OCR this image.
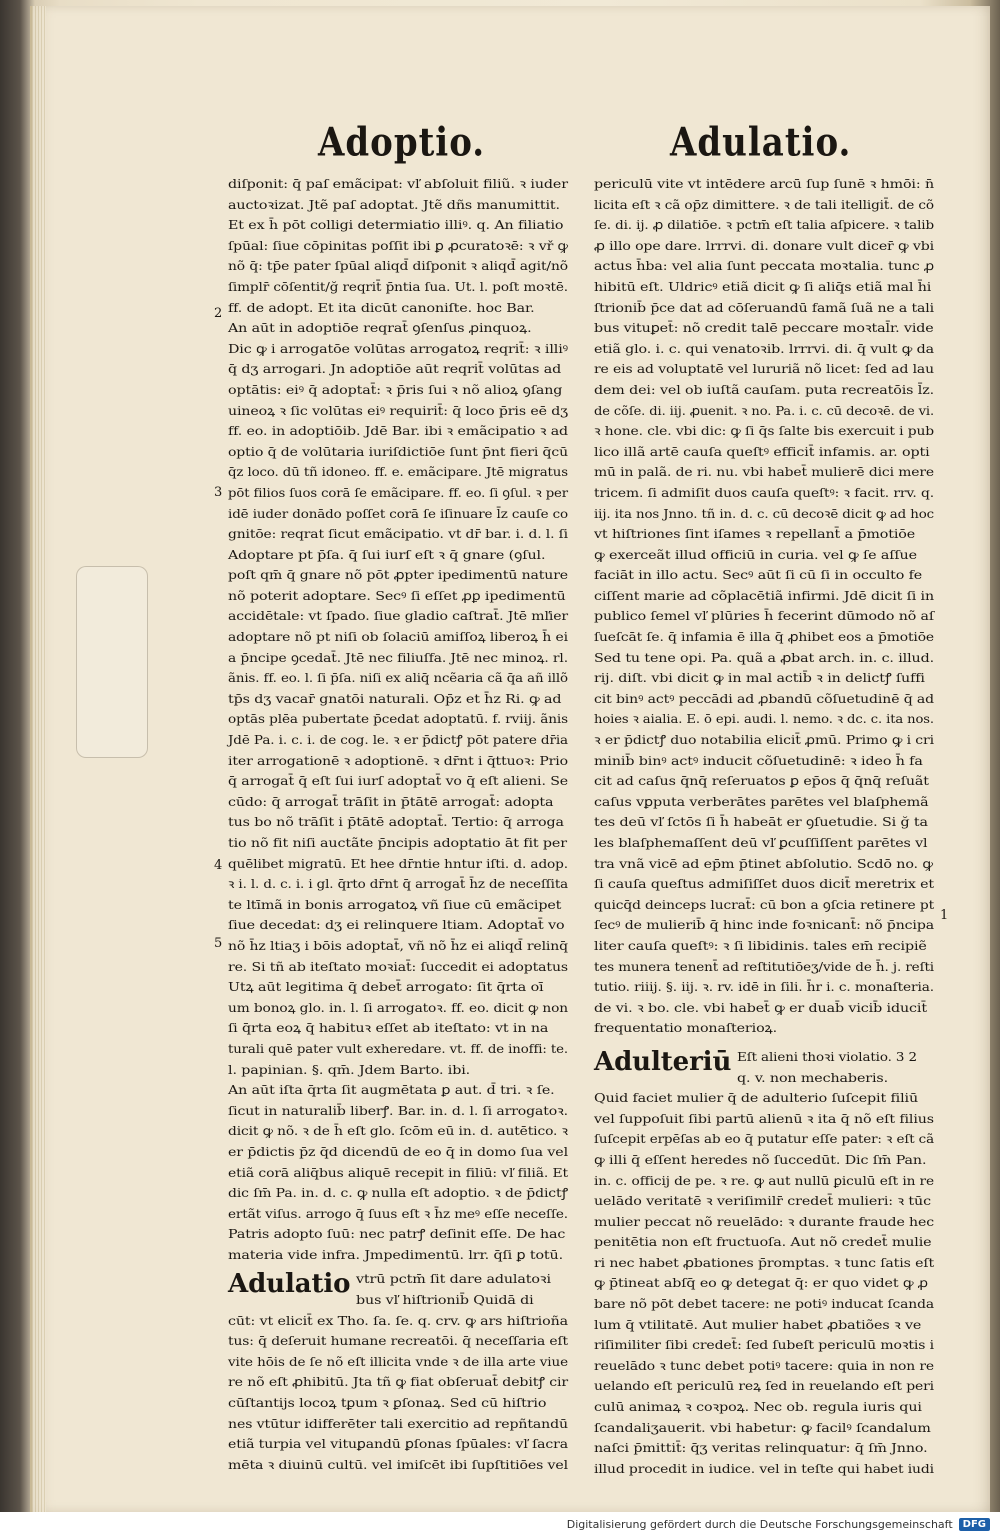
Adoptio.
diſponit: q̄ paſ emãcipat: vľ abſoluit filiũ. ꝛ iuder
auctoꝛizat. Jtẽ paſ adoptat. Jtẽ dñs manumittit.
Et ex h̄ pōt colligi determiatio illiꝰ. q. An filiatio
ſpūal: ſiue cōpinitas poſſit ibi ꝑ ꝓcuratoꝛē: ꝛ vř ꝙ
nõ q̄: tp̄e pater ſpūal aliqd̄ diſponit ꝛ aliqd̄ agit/nõ
ſimplr̄ cōſentit/ğ reqrit̄ p̄ntia ſua. Ut. l. poſt moꝛtē.
ff. de adopt. Et ita dicūt canoniſte. hoc Bar.
An aūt in adoptiōe reqrat̄ ꝯſenſus ꝓinquoꝝ.
Dic ꝙ i arrogatōe volūtas arrogatoꝝ reqrit̄: ꝛ illiꝰ
q̄ dʒ arrogari. Jn adoptiōe aūt reqrit̄ volūtas ad
optātis: eiꝰ q̄ adoptat̄: ꝛ p̄ris ſui ꝛ nõ alioꝝ ꝯſang
uineoꝝ ꝛ ſic volūtas eiꝰ requirit̄: q̄ loco p̄ris eē dʒ
ff. eo. in adoptiōib. Jdē Bar. ibi ꝛ emãcipatio ꝛ ad
optio q̄ de volūtaria iuriſdictiōe ſunt p̄nt fieri q̄cū
q̄z loco. dū tñ idoneo. ff. e. emãcipare. Jtē migratus
pōt filios ſuos corā ſe emãcipare. ff. eo. ſi ꝯſul. ꝛ per
idē iuder donādo poſſet corā ſe iſinuare l̄z cauſe co
gnitōe: reqrat ſicut emãcipatio. vt dr̄ bar. i. d. l. ſi
Adoptare pt p̄ſa. q̄ ſui iurſ eſt ꝛ q̄ gnare (ꝯſul.
poſt qm̄ q̄ gnare nõ pōt ꝓpter ipedimentū nature
nõ poterit adoptare. Secꝰ ſi eſſet ꝓꝑ ipedimentū
accidētale: vt ſpado. ſiue gladio caſtrat̄. Jtē mľier
adoptare nõ pt niſi ob ſolaciū amiſſoꝝ liberoꝝ h̄ ei
a p̄ncipe ꝯcedat̄. Jtē nec filiuſfa. Jtē nec minoꝝ. rl.
ãnis. ff. eo. l. ſi p̄ſa. niſi ex aliq̄ ncẽaria cã q̄a añ illõ
tp̄s dʒ vacar̄ gnatōi naturali. Op̄z et h̄z Ri. ꝙ ad
optās plēa pubertate p̄cedat adoptatū. f. rviij. ãnis
Jdē Pa. i. c. i. de cog. le. ꝛ er p̄dictꝭ pōt patere dr̄ia
iter arrogationē ꝛ adoptionē. ꝛ dr̄nt i q̄ttuoꝛ: Prio
q̄ arrogat̄ q̄ eſt ſui iurſ adoptat̄ vo q̄ eſt alieni. Se
cūdo: q̄ arrogat̄ trāſit in p̄tātē arrogat̄: adopta
tus bo nõ trāſit i p̄tātē adoptat̄. Tertio: q̄ arroga
tio nõ fit niſi auctãte p̄ncipis adoptatio āt fit per
quēlibet migratū. Et hee dr̄ntie hntur iſti. d. adop.
ꝛ i. l. d. c. i. i gl. q̄rto dr̄nt q̄ arrogat̄ h̄z de neceſſita
te ltīmã in bonis arrogatoꝝ vñ ſiue cū emãcipet
ſiue decedat: dʒ ei relinquere ltiam. Adoptat̄ vo
nõ h̄z ltiaʒ i bōis adoptat̄, vñ nõ h̄z ei aliqd̄ relinq̄
re. Si tñ ab iteſtato moꝛiat̄: ſuccedit ei adoptatus
Utꝝ aūt legitima q̄ debet̄ arrogato: ſit q̄rta oī
um bonoꝝ glo. in. l. ſi arrogatoꝛ. ff. eo. dicit ꝙ non
ſi q̄rta eoꝝ q̄ habituꝛ eſſet ab iteſtato: vt in na
turali quē pater vult exheredare. vt. ff. de inoffi: te.
l. papinian. §. qm̄. Jdem Barto. ibi.
An aūt iſta q̄rta ſit augmētata ꝑ aut. d̄ tri. ꝛ ſe.
ſicut in naturalib̄ liberꝭ. Bar. in. d. l. ſi arrogatoꝛ.
dicit ꝙ nõ. ꝛ de h̄ eſt glo. ſcōm eū in. d. autētico. ꝛ
er p̄dictis p̄z q̄d dicendū de eo q̄ in domo ſua vel
etiã corā aliq̄bus aliquē recepit in filiū: vľ filiã. Et
dic ſm̄ Pa. in. d. c. ꝙ nulla eſt adoptio. ꝛ de p̄dictꝭ
ertãt viſus. arrogo q̄ ſuus eſt ꝛ h̄z meꝰ eſſe neceſſe.
Patris adopto ſuū: nec patrꝭ deſinit eſſe. De hac
materia vide infra. Jmpedimentū. lrr. q̄ſi ꝑ totū.
Adulatio vtrū pctm̄ ſit dare adulatoꝛi
bus vľ hiſtrionib̄ Quidā di
cūt: vt elicit̄ ex Tho. ſa. ſe. q. crv. ꝙ ars hiſtrioña
tus: q̄ deſeruit humane recreatōi. q̄ neceſſaria eſt
vite hōis de ſe nõ eſt illicita vnde ꝛ de illa arte viue
re nõ eſt ꝓhibitū. Jta tñ ꝙ fiat obſeruat̄ debitꝭ cir
cūſtantijs locoꝝ tꝑum ꝛ ꝑſonaꝝ. Sed cū hiſtrio
nes vtūtur idifferēter tali exercitio ad repñtandū
etiã turpia vel vituꝑandū ꝑſonas ſpūales: vľ ſacra
mēta ꝛ diuinū cultū. vel imiſcēt ibi ſupſtitiōes vel
Adulatio.
periculū vite vt intēdere arcū ſup ſunē ꝛ hmōi: n̄
licita eſt ꝛ cã op̄z dimittere. ꝛ de tali itelligit̄. de cõ
ſe. di. ij. ꝓ dilatiōe. ꝛ pctm̄ eſt talia aſpicere. ꝛ talib
ꝓ illo ope dare. lrrrvi. di. donare vult dicer̄ ꝙ vbi
actus h̄ba: vel alia ſunt peccata moꝛtalia. tunc ꝓ
hibitū eſt. Uldricꝰ etiã dicit ꝙ ſi aliq̄s etiã mal h̄i
ſtrionib̄ p̄ce dat ad cōſeruandū famã ſuã ne a tali
bus vituꝑet̄: nõ credit talē peccare moꝛtal̄r. vide
etiã glo. i. c. qui venatoꝛib. lrrrvi. di. q̄ vult ꝙ da
re eis ad voluptatē vel lururiã nõ licet: ſed ad lau
dem dei: vel ob iuſtã cauſam. puta recreatōis l̄z.
de cõſe. di. iij. ꝓuenit. ꝛ no. Pa. i. c. cū decoꝛē. de vi.
ꝛ hone. cle. vbi dic: ꝙ ſi q̄s ſalte bis exercuit i pub
lico illã artē cauſa queſtꝰ efficit̄ infamis. ar. opti
mū in palã. de ri. nu. vbi habet̄ mulierē dici mere
tricem. ſi admiſit duos cauſa queſtꝰ: ꝛ facit. rrv. q.
iij. ita nos Jnno. tñ in. d. c. cū decoꝛē dicit ꝙ ad hoc
vt hiſtriones ſint iſames ꝛ repellant̄ a p̄motiōe
ꝙ exerceãt illud officiū in curia. vel ꝙ ſe aſſue
faciāt in illo actu. Secꝰ aūt ſi cū ſi in occulto fe
ciſſent marie ad cõplacētiã infirmi. Jdē dicit ſi in
publico ſemel vľ plūries h̄ fecerint dūmodo nõ aſ
ſueſcāt ſe. q̄ infamia ē illa q̄ ꝓhibet eos a p̄motiōe
Sed tu tene opi. Pa. quã a ꝓbat arch. in. c. illud.
rij. diſt. vbi dicit ꝙ in mal actib̄ ꝛ in delictꝭ ſuffi
cit binꝰ actꝰ peccādi ad ꝓbandū cõſuetudinē q̄ ad
hoies ꝛ aialia. E. ō epi. audi. l. nemo. ꝛ dc. c. ita nos.
ꝛ er p̄dictꝭ duo notabilia elicit̄ ꝓmū. Primo ꝙ i cri
minib̄ binꝰ actꝰ inducit cõſuetudinē: ꝛ ideo h̄ fa
cit ad caſus q̄nq̄ reſeruatos ꝑ ep̄os q̄ q̄nq̄ reſuãt
caſus vꝑputa verberātes parētes vel blaſphemã
tes deū vľ ſctōs ſi h̄ habeāt er ꝯſuetudie. Si ğ ta
les blaſphemaſſent deū vľ ꝑcuſſiſſent parētes vl
tra vnã vicē ad ep̄m p̄tinet abſolutio. Scdō no. ꝙ
ſi cauſa queſtus admiſiſſet duos dicit̄ meretrix et
quicq̄d deinceps lucrat̄: cū bon a ꝯſcia retinere pt
ſecꝰ de mulierib̄ q̄ hinc inde foꝛnicant̄: nõ p̄ncipa
liter cauſa queſtꝰ: ꝛ ſi libidinis. tales em̄ recipiẽ
tes munera tenent̄ ad reſtitutiōeʒ/vide de h̄. j. reſti
tutio. riiij. §. iij. ꝛ. rv. idē in ſili. h̄r i. c. monaſteria.
de vi. ꝛ bo. cle. vbi habet̄ ꝙ er duab̄ vicib̄ iducit̄
frequentatio monaſterioꝝ.
Adulteriū Eſt alieni thoꝛi violatio. 3 2
q. v. non mechaberis.
Quid faciet mulier q̄ de adulterio ſuſcepit filiū
vel ſuppoſuit ſibi partū alienū ꝛ ita q̄ nõ eſt filius
ſuſcepit erpēſas ab eo q̄ putatur eſſe pater: ꝛ eſt cã
ꝙ illi q̄ eſſent heredes nõ ſuccedūt. Dic ſm̄ Pan.
in. c. officij de pe. ꝛ re. ꝙ aut nullū ꝑiculū eſt in re
uelādo veritatē ꝛ veriſimilr̄ credet̄ mulieri: ꝛ tūc
mulier peccat nõ reuelādo: ꝛ durante fraude hec
penitētia non eſt fructuoſa. Aut nõ credet̄ mulie
ri nec habet ꝓbationes p̄romptas. ꝛ tunc ſatis eſt
ꝙ p̄tineat abſq̄ eo ꝙ detegat q̄: er quo videt ꝙ ꝓ
bare nõ pōt debet tacere: ne potiꝰ inducat ſcanda
lum q̄ vtilitatē. Aut mulier habet ꝓbatiões ꝛ ve
riſimiliter ſibi credet̄: ſed ſubeſt periculū moꝛtis i
reuelādo ꝛ tunc debet potiꝰ tacere: quia in non re
uelando eſt periculū reꝝ ſed in reuelando eſt peri
culū animaꝝ ꝛ coꝛpoꝝ. Nec ob. regula iuris qui
ſcandaliʒauerit. vbi habetur: ꝙ facilꝰ ſcandalum
naſci p̄mittit̄: q̄ʒ veritas relinquatur: q̄ ſm̄ Jnno.
illud procedit in iudice. vel in teſte qui habet iudi
2
3
4
5
1
Digitalisierung gefördert durch die Deutsche Forschungsgemeinschaft	DFG
